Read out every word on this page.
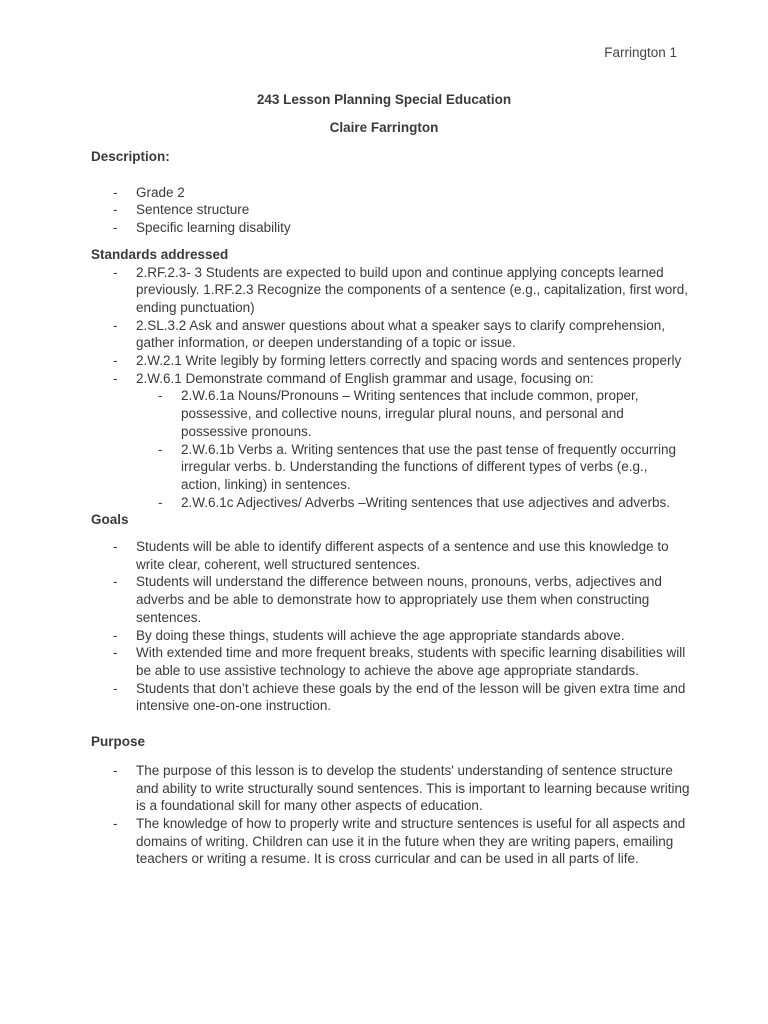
Farrington 1
243 Lesson Planning Special Education
Claire Farrington

Description:

- Grade 2
- Sentence structure
- Specific learning disability

Standards addressed

- 2.RF.2.3- 3 Students are expected to build upon and continue applying concepts learned previously. 1.RF.2.3 Recognize the components of a sentence (e.g., capitalization, first word, ending punctuation)
- 2.SL.3.2 Ask and answer questions about what a speaker says to clarify comprehension, gather information, or deepen understanding of a topic or issue.
- 2.W.2.1 Write legibly by forming letters correctly and spacing words and sentences properly
- 2.W.6.1 Demonstrate command of English grammar and usage, focusing on:
- 2.W.6.1a Nouns/Pronouns – Writing sentences that include common, proper, possessive, and collective nouns, irregular plural nouns, and personal and possessive pronouns.
- 2.W.6.1b Verbs a. Writing sentences that use the past tense of frequently occurring irregular verbs. b. Understanding the functions of different types of verbs (e.g., action, linking) in sentences.
- 2.W.6.1c Adjectives/ Adverbs –Writing sentences that use adjectives and adverbs.

Goals

- Students will be able to identify different aspects of a sentence and use this knowledge to write clear, coherent, well structured sentences.
- Students will understand the difference between nouns, pronouns, verbs, adjectives and adverbs and be able to demonstrate how to appropriately use them when constructing sentences.
- By doing these things, students will achieve the age appropriate standards above.
- With extended time and more frequent breaks, students with specific learning disabilities will be able to use assistive technology to achieve the above age appropriate standards.
- Students that don’t achieve these goals by the end of the lesson will be given extra time and intensive one-on-one instruction.

Purpose

- The purpose of this lesson is to develop the students' understanding of sentence structure and ability to write structurally sound sentences. This is important to learning because writing is a foundational skill for many other aspects of education.
- The knowledge of how to properly write and structure sentences is useful for all aspects and domains of writing. Children can use it in the future when they are writing papers, emailing teachers or writing a resume. It is cross curricular and can be used in all parts of life.
